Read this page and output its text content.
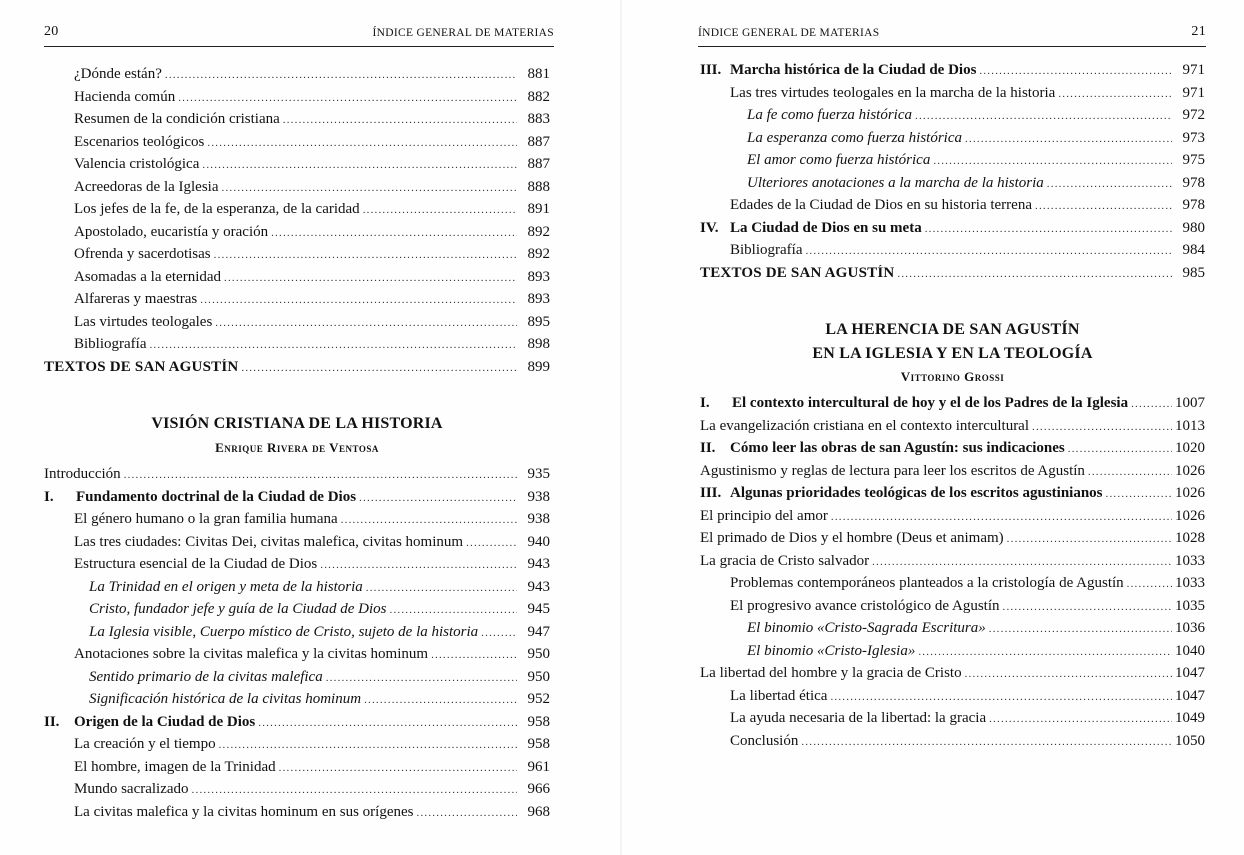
20	ÍNDICE GENERAL DE MATERIAS
¿Dónde están? .....	881
Hacienda común .....	882
Resumen de la condición cristiana .....	883
Escenarios teológicos .....	887
Valencia cristológica .....	887
Acreedoras de la Iglesia .....	888
Los jefes de la fe, de la esperanza, de la caridad .....	891
Apostolado, eucaristía y oración .....	892
Ofrenda y sacerdotisas .....	892
Asomadas a la eternidad .....	893
Alfareras y maestras .....	893
Las virtudes teologales .....	895
Bibliografía .....	898
TEXTOS DE SAN AGUSTÍN .....	899
VISIÓN CRISTIANA DE LA HISTORIA
Enrique Rivera de Ventosa
Introducción .....	935
I.	Fundamento doctrinal de la Ciudad de Dios .....	938
El género humano o la gran familia humana .....	938
Las tres ciudades: Civitas Dei, civitas malefica, civitas hominum .....	940
Estructura esencial de la Ciudad de Dios .....	943
La Trinidad en el origen y meta de la historia .....	943
Cristo, fundador jefe y guía de la Ciudad de Dios .....	945
La Iglesia visible, Cuerpo místico de Cristo, sujeto de la historia .....	947
Anotaciones sobre la civitas malefica y la civitas hominum .....	950
Sentido primario de la civitas malefica .....	950
Significación histórica de la civitas hominum .....	952
II. Origen de la Ciudad de Dios .....	958
La creación y el tiempo .....	958
El hombre, imagen de la Trinidad .....	961
Mundo sacralizado .....	966
La civitas malefica y la civitas hominum en sus orígenes .....	968
ÍNDICE GENERAL DE MATERIAS	21
III. Marcha histórica de la Ciudad de Dios .....	971
Las tres virtudes teologales en la marcha de la historia .....	971
La fe como fuerza histórica .....	972
La esperanza como fuerza histórica .....	973
El amor como fuerza histórica .....	975
Ulteriores anotaciones a la marcha de la historia .....	978
Edades de la Ciudad de Dios en su historia terrena .....	978
IV. La Ciudad de Dios en su meta .....	980
Bibliografía .....	984
TEXTOS DE SAN AGUSTÍN .....	985
LA HERENCIA DE SAN AGUSTÍN
EN LA IGLESIA Y EN LA TEOLOGÍA
Vittorino Grossi
I.	El contexto intercultural de hoy y el de los Padres de la Iglesia .....	1007
La evangelización cristiana en el contexto intercultural .....	1013
II. Cómo leer las obras de san Agustín: sus indicaciones .....	1020
Agustinismo y reglas de lectura para leer los escritos de Agustín .....	1026
III. Algunas prioridades teológicas de los escritos agustinianos .....	1026
El principio del amor .....	1026
El primado de Dios y el hombre (Deus et animam) .....	1028
La gracia de Cristo salvador .....	1033
Problemas contemporáneos planteados a la cristología de Agustín .....	1033
El progresivo avance cristológico de Agustín .....	1035
El binomio «Cristo-Sagrada Escritura» .....	1036
El binomio «Cristo-Iglesia» .....	1040
La libertad del hombre y la gracia de Cristo .....	1047
La libertad ética .....	1047
La ayuda necesaria de la libertad: la gracia .....	1049
Conclusión .....	1050
